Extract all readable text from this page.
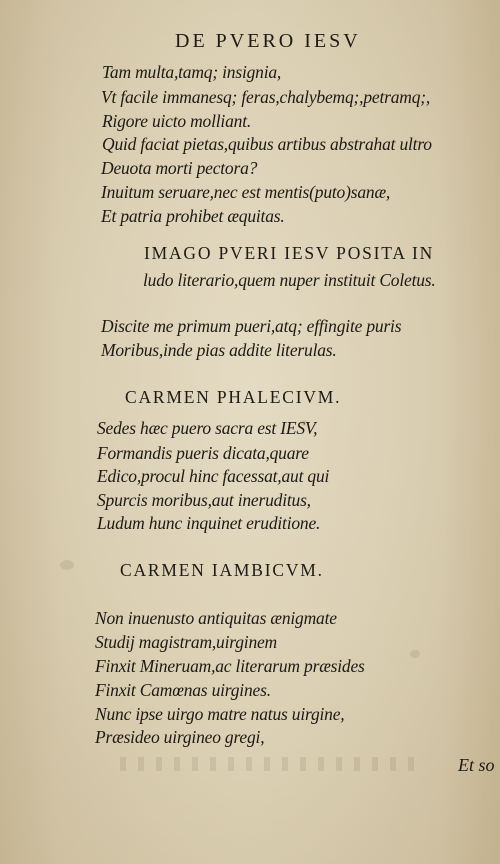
DE PVERO IESV

Tam multa,tamq; insignia,

Vt facile immanesq; feras,chalybemq;,petramq;,

Rigore uicto molliant.

Quid faciat pietas,quibus artibus abstrahat ultro

Deuota morti pectora?

Inuitum seruare,nec est mentis(puto)sanæ,

Et patria prohibet æquitas.

IMAGO PVERI IESV POSITA IN

ludo literario,quem nuper instituit Coletus.

Discite me primum pueri,atq; effingite puris

Moribus,inde pias addite literulas.

CARMEN PHALECIVM.

Sedes hæc puero sacra est IESV,

Formandis pueris dicata,quare

Edico,procul hinc facessat,aut qui

Spurcis moribus,aut ineruditus,

Ludum hunc inquinet eruditione.

CARMEN IAMBICVM.

Non inuenusto antiquitas ænigmate

Studij magistram,uirginem

Finxit Mineruam,ac literarum præsides

Finxit Camœnas uirgines.

Nunc ipse uirgo matre natus uirgine,

Præsideo uirgineo gregi,

Et so
